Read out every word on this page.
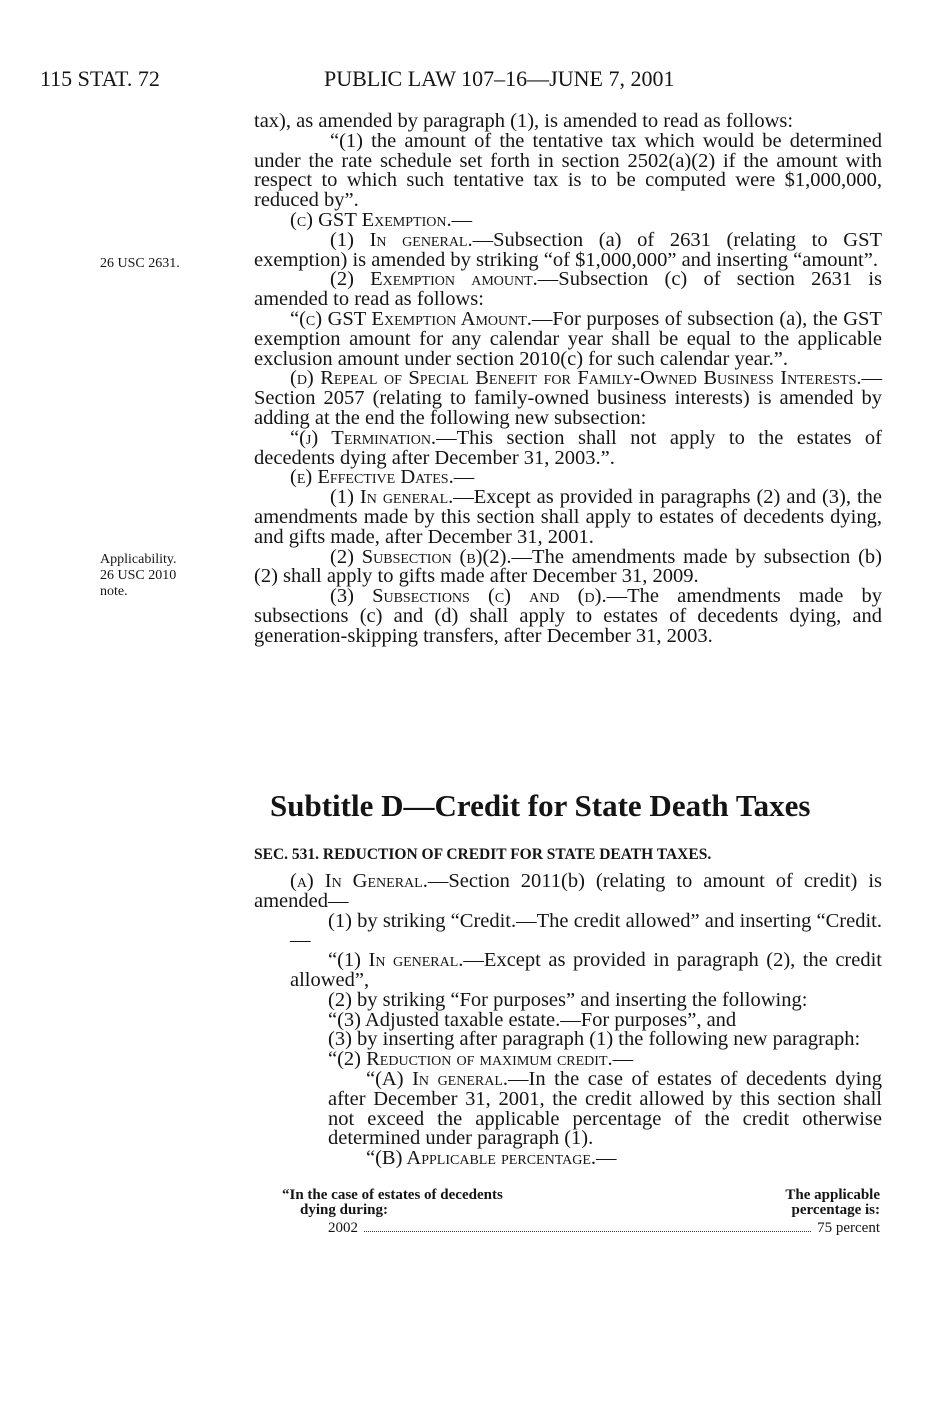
115 STAT. 72	PUBLIC LAW 107–16—JUNE 7, 2001
26 USC 2631.
Applicability.
26 USC 2010
note.

tax), as amended by paragraph (1), is amended to read as follows:

“(1) the amount of the tentative tax which would be determined under the rate schedule set forth in section 2502(a)(2) if the amount with respect to which such tentative tax is to be computed were $1,000,000, reduced by”.

(c) GST Exemption.—

(1) In general.—Subsection (a) of 2631 (relating to GST exemption) is amended by striking “of $1,000,000” and inserting “amount”.

(2) Exemption amount.—Subsection (c) of section 2631 is amended to read as follows:

“(c) GST Exemption Amount.—For purposes of subsection (a), the GST exemption amount for any calendar year shall be equal to the applicable exclusion amount under section 2010(c) for such calendar year.”.

(d) Repeal of Special Benefit for Family-Owned Business Interests.—Section 2057 (relating to family-owned business interests) is amended by adding at the end the following new subsection:

“(j) Termination.—This section shall not apply to the estates of decedents dying after December 31, 2003.”.

(e) Effective Dates.—

(1) In general.—Except as provided in paragraphs (2) and (3), the amendments made by this section shall apply to estates of decedents dying, and gifts made, after December 31, 2001.

(2) Subsection (b)(2).—The amendments made by subsection (b)(2) shall apply to gifts made after December 31, 2009.

(3) Subsections (c) and (d).—The amendments made by subsections (c) and (d) shall apply to estates of decedents dying, and generation-skipping transfers, after December 31, 2003.

Subtitle D—Credit for State Death Taxes
SEC. 531. REDUCTION OF CREDIT FOR STATE DEATH TAXES.

(a) In General.—Section 2011(b) (relating to amount of credit) is amended—

(1) by striking “Credit.—The credit allowed” and inserting “Credit.—

“(1) In general.—Except as provided in paragraph (2), the credit allowed”,

(2) by striking “For purposes” and inserting the following:

“(3) Adjusted taxable estate.—For purposes”, and

(3) by inserting after paragraph (1) the following new paragraph:

“(2) Reduction of maximum credit.—

“(A) In general.—In the case of estates of decedents dying after December 31, 2001, the credit allowed by this section shall not exceed the applicable percentage of the credit otherwise determined under paragraph (1).

“(B) Applicable percentage.—

“In the case of estates of decedents
dying during:
The applicable
percentage is:
2002	75 percent
